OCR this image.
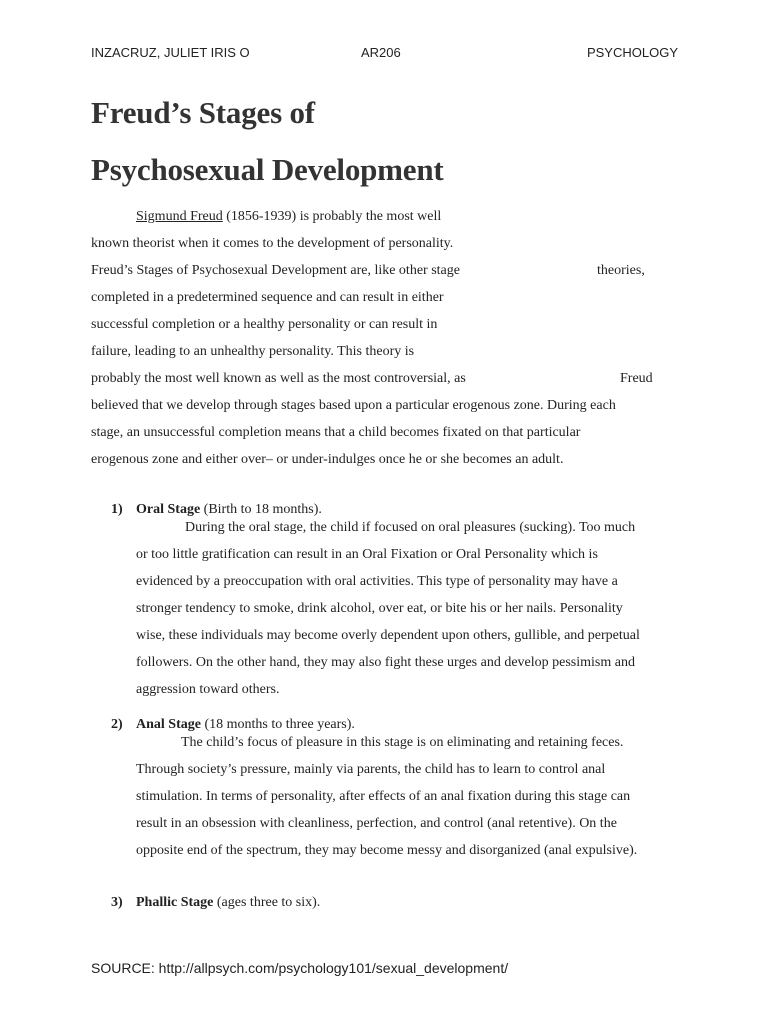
INZACRUZ, JULIET IRIS O	AR206	PSYCHOLOGY
Freud’s Stages of
Psychosexual Development
Sigmund Freud (1856-1939) is probably the most well
known theorist when it comes to the development of personality.
Freud’s Stages of Psychosexual Development are, like other stage	theories,
completed in a predetermined sequence and can result in either
successful completion or a healthy personality or can result in
failure, leading to an unhealthy personality. This theory is
probably the most well known as well as the most controversial, as	Freud
believed that we develop through stages based upon a particular erogenous zone. During each
stage, an unsuccessful completion means that a child becomes fixated on that particular
erogenous zone and either over– or under-indulges once he or she becomes an adult.
1) Oral Stage (Birth to 18 months).
During the oral stage, the child if focused on oral pleasures (sucking). Too much
or too little gratification can result in an Oral Fixation or Oral Personality which is
evidenced by a preoccupation with oral activities. This type of personality may have a
stronger tendency to smoke, drink alcohol, over eat, or bite his or her nails. Personality
wise, these individuals may become overly dependent upon others, gullible, and perpetual
followers. On the other hand, they may also fight these urges and develop pessimism and
aggression toward others.
2) Anal Stage (18 months to three years).
The child’s focus of pleasure in this stage is on eliminating and retaining feces.
Through society’s pressure, mainly via parents, the child has to learn to control anal
stimulation. In terms of personality, after effects of an anal fixation during this stage can
result in an obsession with cleanliness, perfection, and control (anal retentive). On the
opposite end of the spectrum, they may become messy and disorganized (anal expulsive).
3) Phallic Stage (ages three to six).
SOURCE: http://allpsych.com/psychology101/sexual_development/
